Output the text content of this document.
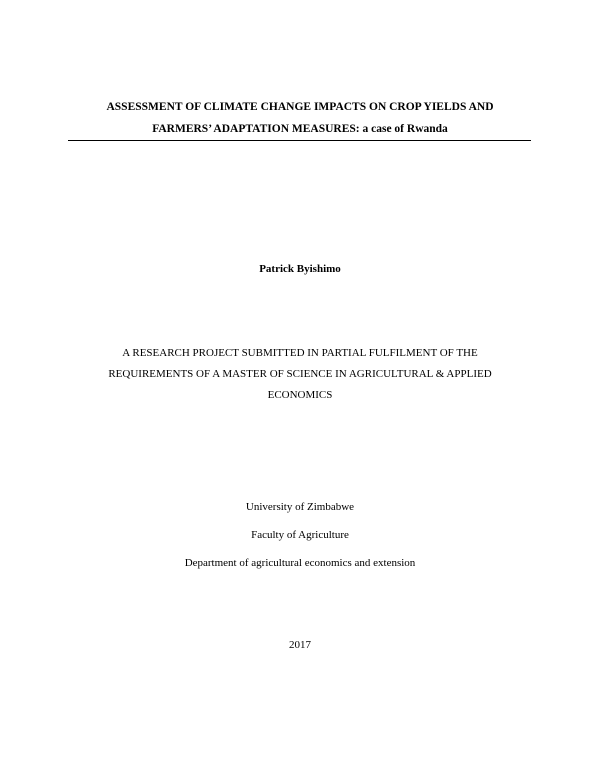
ASSESSMENT OF CLIMATE CHANGE IMPACTS ON CROP YIELDS AND
FARMERS’ ADAPTATION MEASURES: a case of Rwanda
Patrick Byishimo
A RESEARCH PROJECT SUBMITTED IN PARTIAL FULFILMENT OF THE
REQUIREMENTS OF A MASTER OF SCIENCE IN AGRICULTURAL & APPLIED
ECONOMICS
University of Zimbabwe
Faculty of Agriculture
Department of agricultural economics and extension
2017
